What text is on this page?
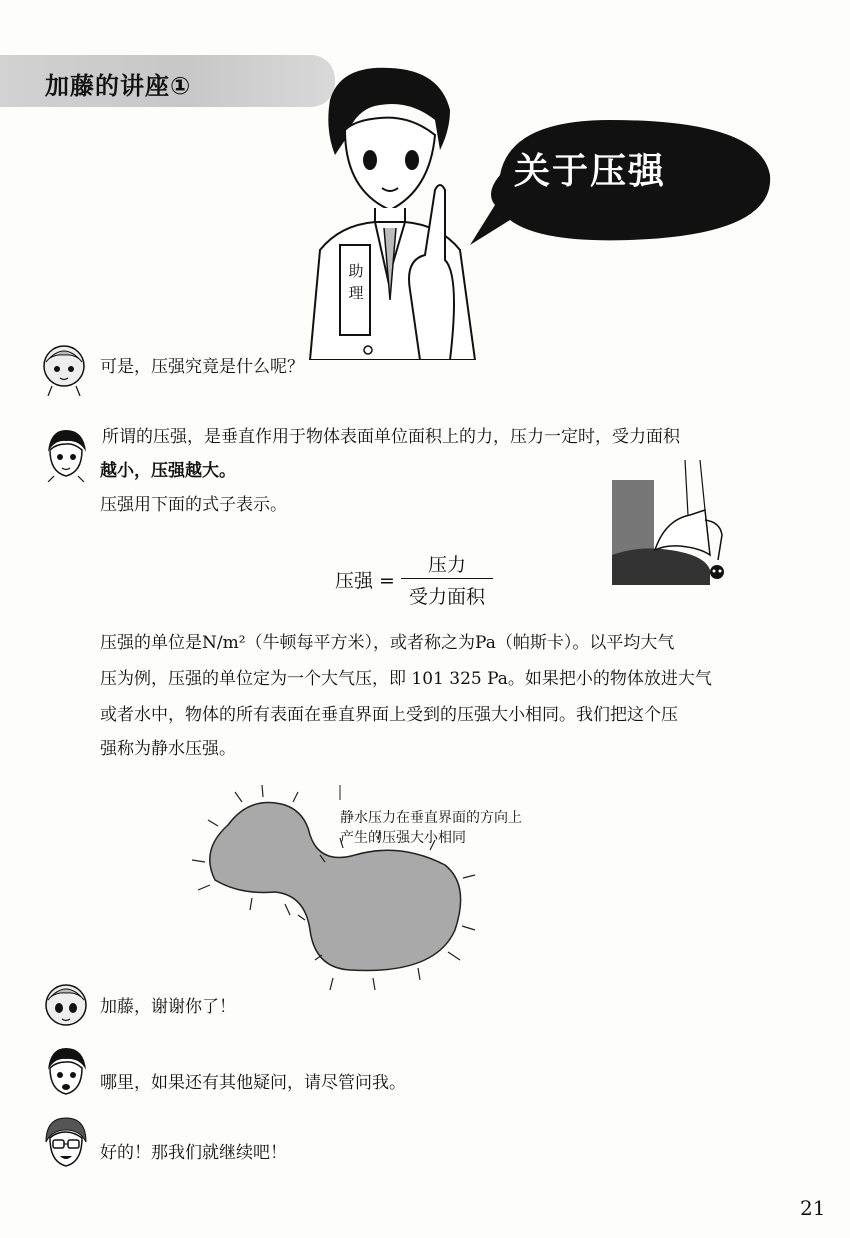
加藤的讲座①
助
理
关于压强
可是，压强究竟是什么呢？
所谓的压强，是垂直作用于物体表面单位面积上的力，压力一定时，受力面积
越小，压强越大。
压强用下面的式子表示。
压强 =
压力
受力面积
压强的单位是N/m²（牛顿每平方米），或者称之为Pa（帕斯卡）。以平均大气
压为例，压强的单位定为一个大气压，即 101 325 Pa。如果把小的物体放进大气
或者水中，物体的所有表面在垂直界面上受到的压强大小相同。我们把这个压
强称为静水压强。
静水压力在垂直界面的方向上
产生的压强大小相同
加藤，谢谢你了！
哪里，如果还有其他疑问，请尽管问我。
好的！那我们就继续吧！
21
